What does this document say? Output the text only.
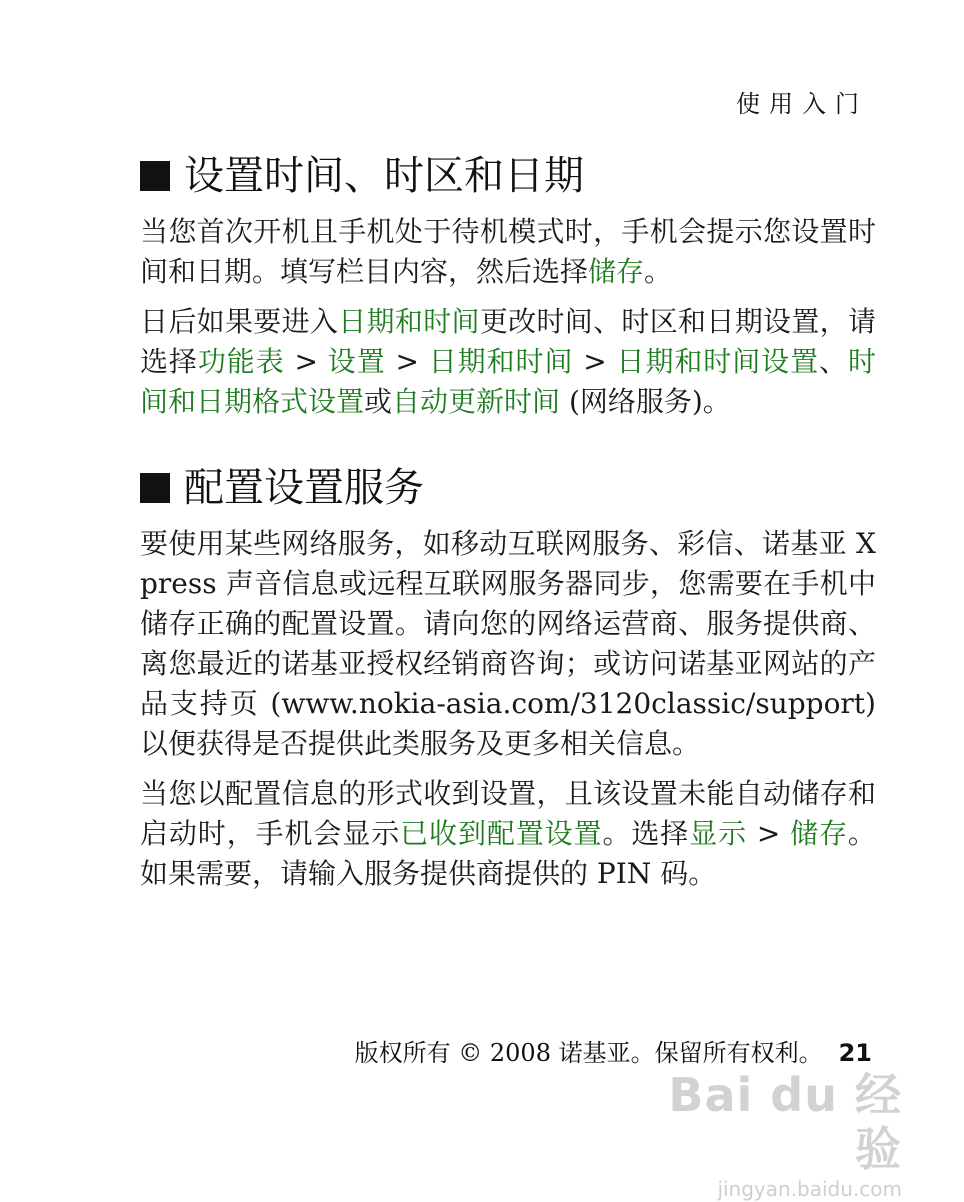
使用入门
设置时间、时区和日期

当您首次开机且手机处于待机模式时，手机会提示您设置时间和日期。填写栏目内容，然后选择储存。

日后如果要进入日期和时间更改时间、时区和日期设置，请选择功能表 > 设置 > 日期和时间 > 日期和时间设置、时间和日期格式设置或自动更新时间 (网络服务)。

配置设置服务

要使用某些网络服务，如移动互联网服务、彩信、诺基亚 Xpress 声音信息或远程互联网服务器同步，您需要在手机中储存正确的配置设置。请向您的网络运营商、服务提供商、离您最近的诺基亚授权经销商咨询；或访问诺基亚网站的产品支持页 (www.nokia-asia.com/3120classic/support) 以便获得是否提供此类服务及更多相关信息。

当您以配置信息的形式收到设置，且该设置未能自动储存和启动时，手机会显示已收到配置设置。选择显示 > 储存。如果需要，请输入服务提供商提供的 PIN 码。

版权所有 © 2008 诺基亚。保留所有权利。 21
Bai du 经验
jingyan.baidu.com
